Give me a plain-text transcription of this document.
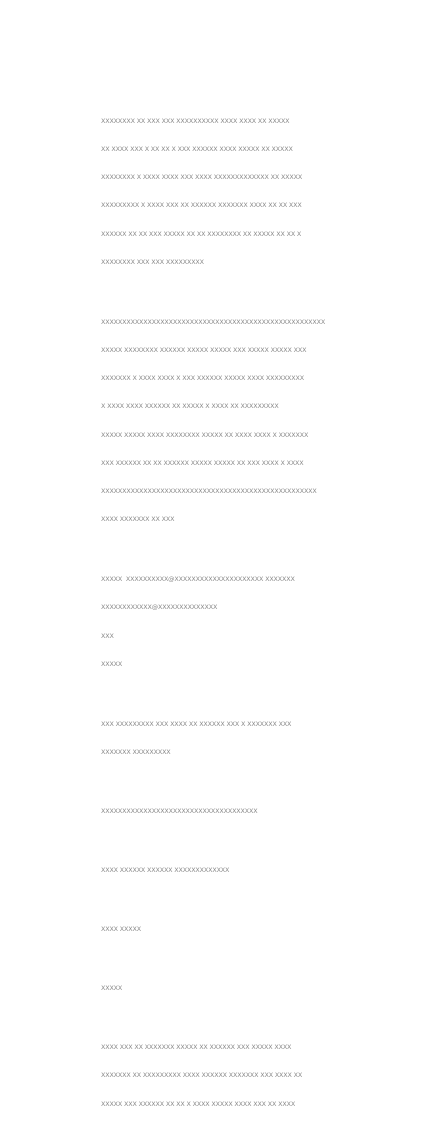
XXXXXXXX XX XXX XXX XXXXXXXXXX XXXX XXXX XX XXXXX

XX XXXX XXX X XX XX X XXX XXXXXX XXXX XXXXX XX XXXXX

XXXXXXXX X XXXX XXXX XXX XXXX XXXXXXXXXXXXX XX XXXXX

XXXXXXXXX X XXXX XXX XX XXXXXX XXXXXXX XXXX XX XX XXX

XXXXXX XX XX XXX XXXXX XX XX XXXXXXXX XX XXXXX XX XX X

XXXXXXXX XXX XXX XXXXXXXXX

XXXXXXXXXXXXXXXXXXXXXXXXXXXXXXXXXXXXXXXXXXXXXXXXXXXXX

XXXXX XXXXXXXX XXXXXX XXXXX XXXXX XXX XXXXX XXXXX XXX

XXXXXXX X XXXX XXXX X XXX XXXXXX XXXXX XXXX XXXXXXXXX

X XXXX XXXX XXXXXX XX XXXXX X XXXX XX XXXXXXXXX

XXXXX XXXXX XXXX XXXXXXXX XXXXX XX XXXX XXXX X XXXXXXX

XXX XXXXXX XX XX XXXXXX XXXXX XXXXX XX XXX XXXX X XXXX

XXXXXXXXXXXXXXXXXXXXXXXXXXXXXXXXXXXXXXXXXXXXXXXXXXX

XXXX XXXXXXX XX XXX

XXXXX  XXXXXXXXXX@XXXXXXXXXXXXXXXXXXXXX XXXXXXX

XXXXXXXXXXXX@XXXXXXXXXXXXXX

XXX

XXXXX

XXX XXXXXXXXX XXX XXXX XX XXXXXX XXX X XXXXXXX XXX

XXXXXXX XXXXXXXXX

XXXXXXXXXXXXXXXXXXXXXXXXXXXXXXXXXXXXX

XXXX XXXXXX XXXXXX XXXXXXXXXXXXX

XXXX XXXXX

XXXXX

XXXX XXX XX XXXXXXX XXXXX XX XXXXXX XXX XXXXX XXXX

XXXXXXX XX XXXXXXXXX XXXX XXXXXX XXXXXXX XXX XXXX XX

XXXXX XXX XXXXXX XX XX X XXXX XXXXX XXXX XXX XX XXXX
